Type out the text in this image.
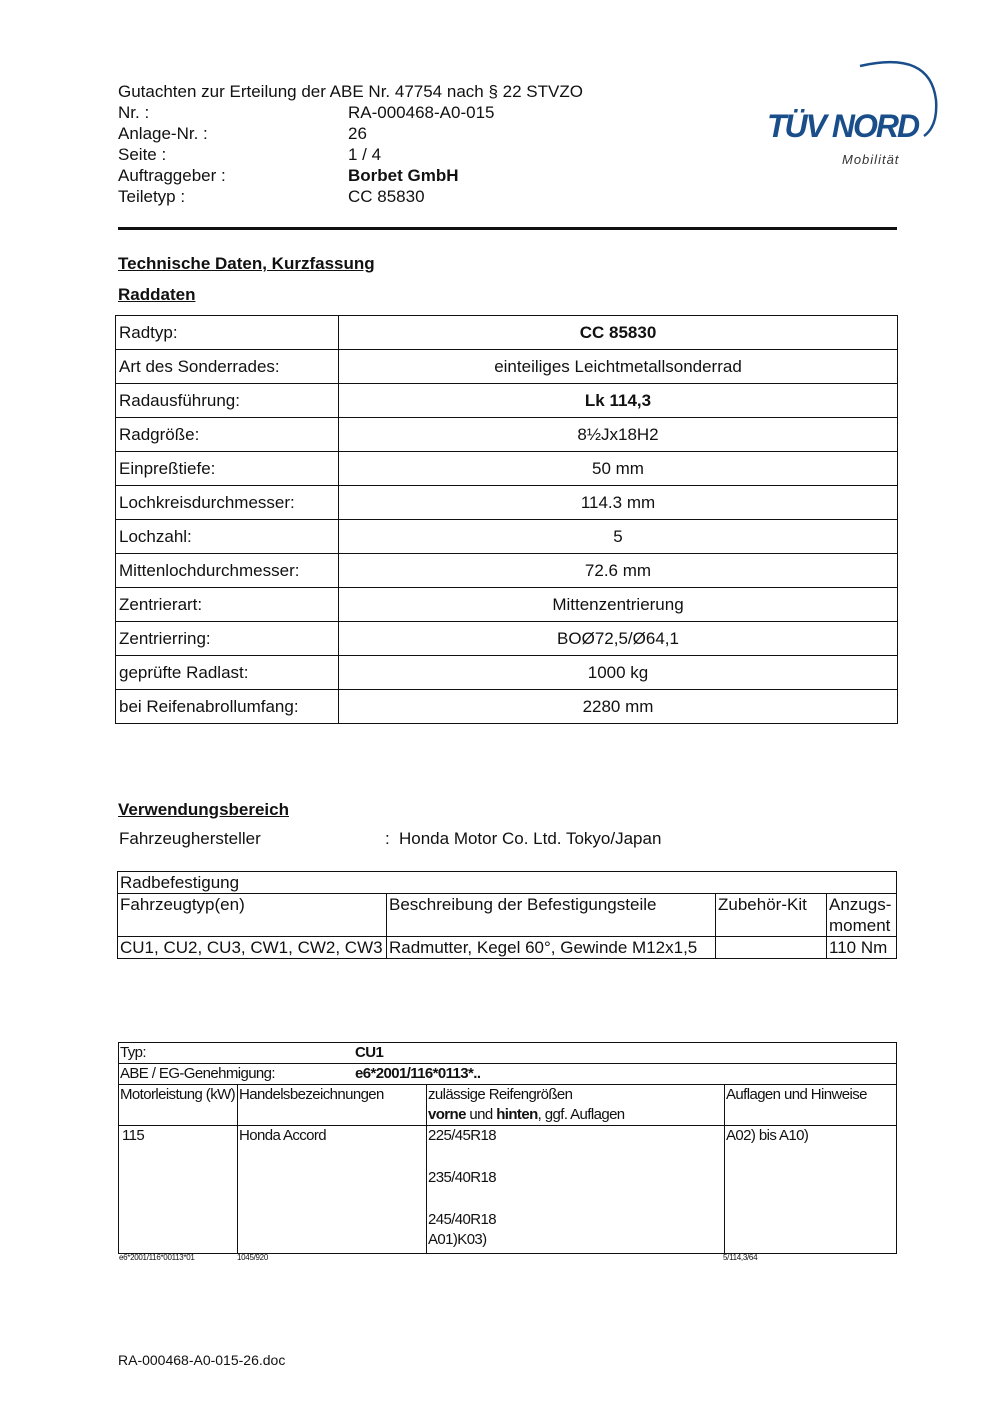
Gutachten zur Erteilung der ABE Nr. 47754 nach § 22 STVZO
Nr. :	RA-000468-A0-015
Anlage-Nr. :	26
Seite :	1 / 4
Auftraggeber :	Borbet GmbH
Teiletyp :	CC 85830
TÜV NORD
Mobilität
Technische Daten, Kurzfassung
Raddaten
Radtyp:	CC 85830
Art des Sonderrades:	einteiliges Leichtmetallsonderrad
Radausführung:	Lk 114,3
Radgröße:	8½Jx18H2
Einpreßtiefe:	50 mm
Lochkreisdurchmesser:	114.3 mm
Lochzahl:	5
Mittenlochdurchmesser:	72.6 mm
Zentrierart:	Mittenzentrierung
Zentrierring:	BOØ72,5/Ø64,1
geprüfte Radlast:	1000 kg
bei Reifenabrollumfang:	2280 mm
Verwendungsbereich
Fahrzeughersteller	: Honda Motor Co. Ltd. Tokyo/Japan
Radbefestigung			
Fahrzeugtyp(en)	Beschreibung der Befestigungsteile	Zubehör-Kit	Anzugs-moment
CU1, CU2, CU3, CW1, CW2, CW3	Radmutter, Kegel 60°, Gewinde M12x1,5		110 Nm
Typ: CU1			

ABE / EG-Genehmigung: e6*2001/116*0113*..			

Motorleistung (kW)	Handelsbezeichnungen	zulässige Reifengrößen
vorne und hinten, ggf. Auflagen	Auflagen und Hinweise
115	Honda Accord	225/45R18
235/40R18
245/40R18
A01)K03)	A02) bis A10)
e6*2001/116*00113*01	1045/920	5/114,3/64
RA-000468-A0-015-26.doc
